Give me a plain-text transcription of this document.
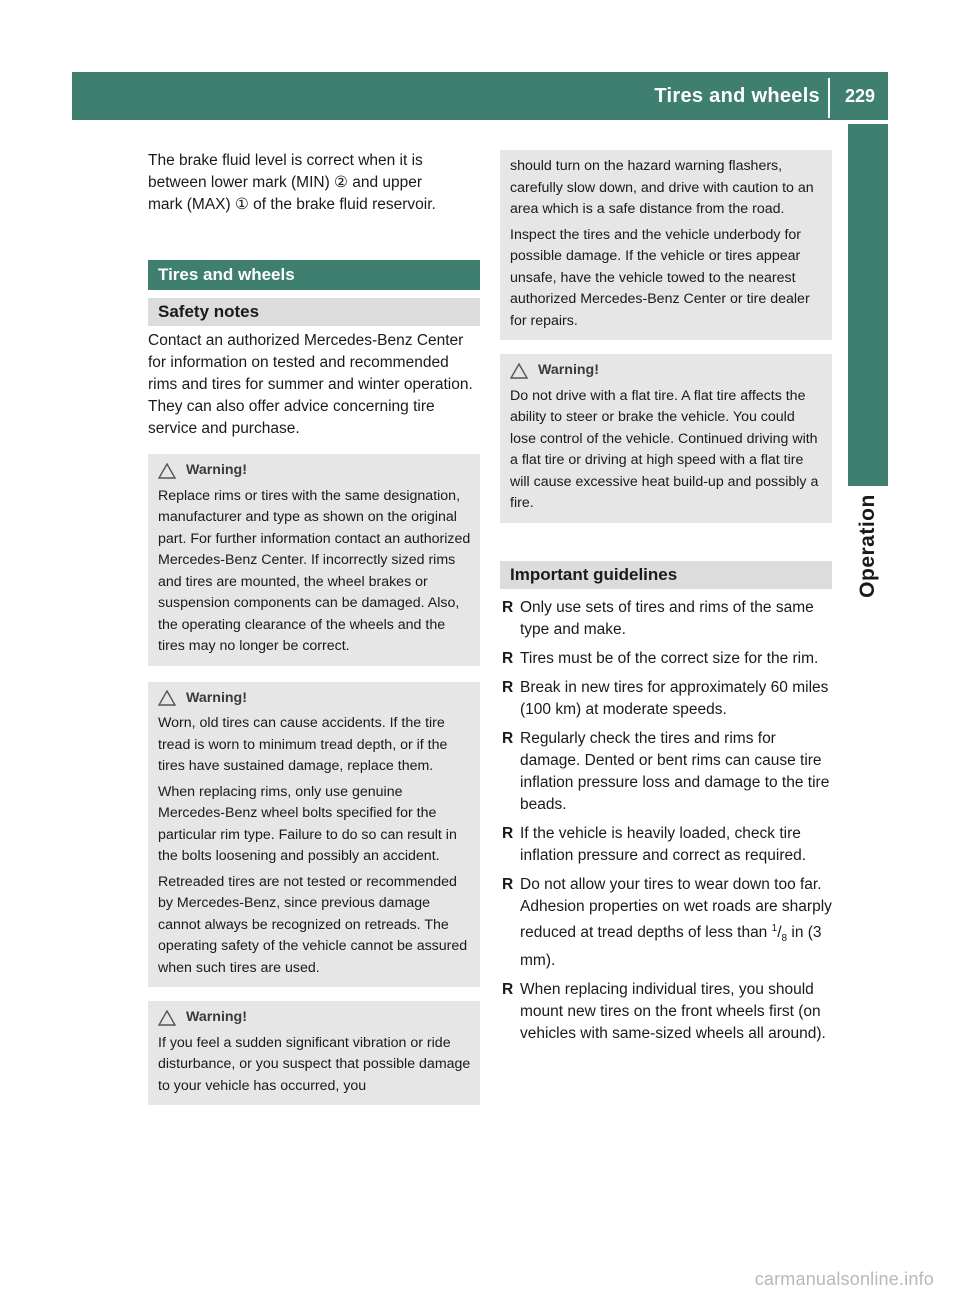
Tires and wheels	229
Operation

The brake fluid level is correct when it is
between lower mark (MIN) ② and upper
mark (MAX) ① of the brake fluid reservoir.

Tires and wheels
Safety notes

Contact an authorized Mercedes-Benz Center for information on tested and recommended rims and tires for summer and winter operation. They can also offer advice concerning tire service and purchase.

Warning!

Replace rims or tires with the same designation, manufacturer and type as shown on the original part. For further information contact an authorized Mercedes-Benz Center. If incorrectly sized rims and tires are mounted, the wheel brakes or suspension components can be damaged. Also, the operating clearance of the wheels and the tires may no longer be correct.

Warning!

Worn, old tires can cause accidents. If the tire tread is worn to minimum tread depth, or if the tires have sustained damage, replace them.

When replacing rims, only use genuine Mercedes-Benz wheel bolts specified for the particular rim type. Failure to do so can result in the bolts loosening and possibly an accident.

Retreaded tires are not tested or recommended by Mercedes-Benz, since previous damage cannot always be recognized on retreads. The operating safety of the vehicle cannot be assured when such tires are used.

Warning!

If you feel a sudden significant vibration or ride disturbance, or you suspect that possible damage to your vehicle has occurred, you

should turn on the hazard warning flashers, carefully slow down, and drive with caution to an area which is a safe distance from the road.

Inspect the tires and the vehicle underbody for possible damage. If the vehicle or tires appear unsafe, have the vehicle towed to the nearest authorized Mercedes-Benz Center or tire dealer for repairs.

Warning!

Do not drive with a flat tire. A flat tire affects the ability to steer or brake the vehicle. You could lose control of the vehicle. Continued driving with a flat tire or driving at high speed with a flat tire will cause excessive heat build-up and possibly a fire.

Important guidelines
R Only use sets of tires and rims of the same type and make.
R Tires must be of the correct size for the rim.
R Break in new tires for approximately 60 miles (100 km) at moderate speeds.
R Regularly check the tires and rims for damage. Dented or bent rims can cause tire inflation pressure loss and damage to the tire beads.
R If the vehicle is heavily loaded, check tire inflation pressure and correct as required.
R Do not allow your tires to wear down too far. Adhesion properties on wet roads are sharply reduced at tread depths of less than $^1/_8$ in (3 mm).
R When replacing individual tires, you should mount new tires on the front wheels first (on vehicles with same-sized wheels all around).
carmanualsonline.info
